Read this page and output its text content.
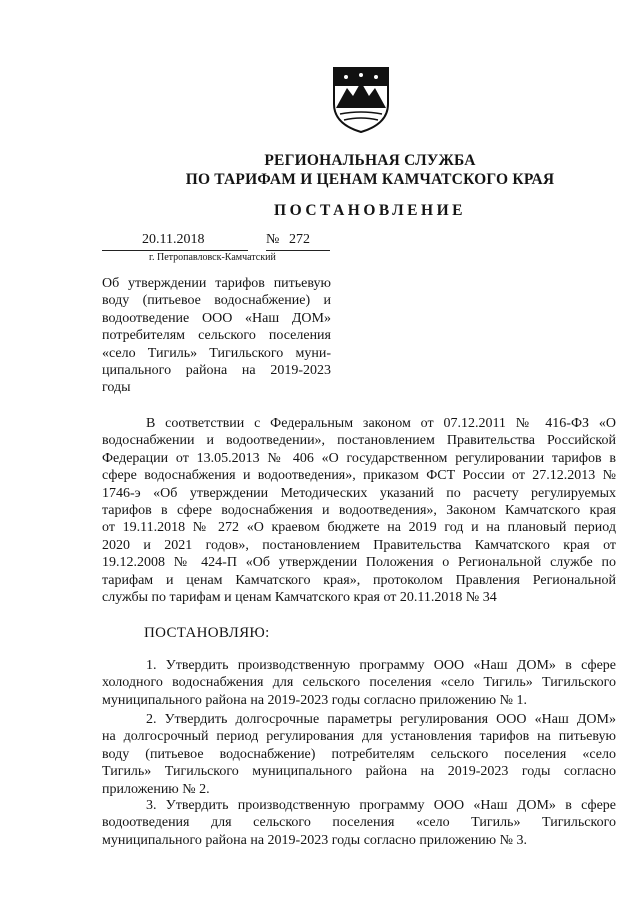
РЕГИОНАЛЬНАЯ СЛУЖБА
ПО ТАРИФАМ И ЦЕНАМ КАМЧАТСКОГО КРАЯ
ПОСТАНОВЛЕНИЕ
20.11.2018	№ 272
г. Петропавловск-Камчатский
Об утверждении тарифов питьевую
воду (питьевое водоснабжение) и
водоотведение ООО «Наш ДОМ»
потребителям сельского поселения
«село Тигиль» Тигильского муни-
ципального района на 2019-2023
годы
В соответствии с Федеральным законом от 07.12.2011 № 416-ФЗ «О
водоснабжении и водоотведении», постановлением Правительства Российской
Федерации от 13.05.2013 № 406 «О государственном регулировании тарифов в
сфере водоснабжения и водоотведения», приказом ФСТ России от 27.12.2013 №
1746-э «Об утверждении Методических указаний по расчету регулируемых
тарифов в сфере водоснабжения и водоотведения», Законом Камчатского края
от 19.11.2018 № 272 «О краевом бюджете на 2019 год и на плановый период
2020 и 2021 годов», постановлением Правительства Камчатского края от
19.12.2008 № 424-П «Об утверждении Положения о Региональной службе по
тарифам и ценам Камчатского края», протоколом Правления Региональной
службы по тарифам и ценам Камчатского края от 20.11.2018 № 34
ПОСТАНОВЛЯЮ:
1. Утвердить производственную программу ООО «Наш ДОМ» в сфере
холодного водоснабжения для сельского поселения «село Тигиль» Тигильского
муниципального района на 2019-2023 годы согласно приложению № 1.
2. Утвердить долгосрочные параметры регулирования ООО «Наш ДОМ»
на долгосрочный период регулирования для установления тарифов на питьевую
воду (питьевое водоснабжение) потребителям сельского поселения «село
Тигиль» Тигильского муниципального района на 2019-2023 годы согласно
приложению № 2.
3. Утвердить производственную программу ООО «Наш ДОМ» в сфере
водоотведения для сельского поселения «село Тигиль» Тигильского
муниципального района на 2019-2023 годы согласно приложению № 3.
